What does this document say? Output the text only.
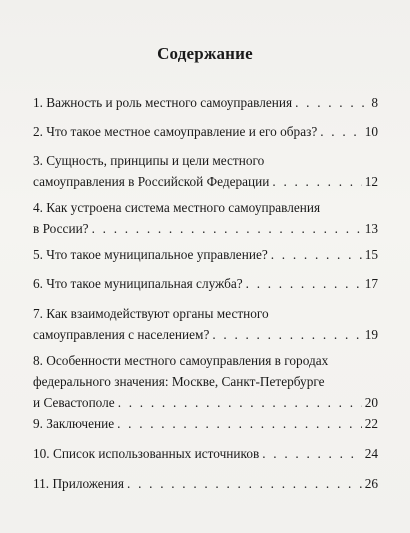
Содержание
1. Важность и роль местного самоуправления . . .	8
2. Что такое местное самоуправление и его образ? . . .	10
3. Сущность, принципы и цели местного
самоуправления в Российской Федерации . . .	12
4. Как устроена система местного самоуправления
в России? . . .	13
5. Что такое муниципальное управление? . . .	15
6. Что такое муниципальная служба? . . .	17
7. Как взаимодействуют органы местного
самоуправления с населением? . . .	19
8. Особенности местного самоуправления в городах
федерального значения: Москве, Санкт-Петербурге
и Севастополе . . .	20
9. Заключение . . .	22
10. Список использованных источников . . .	24
11. Приложения . . .	26
